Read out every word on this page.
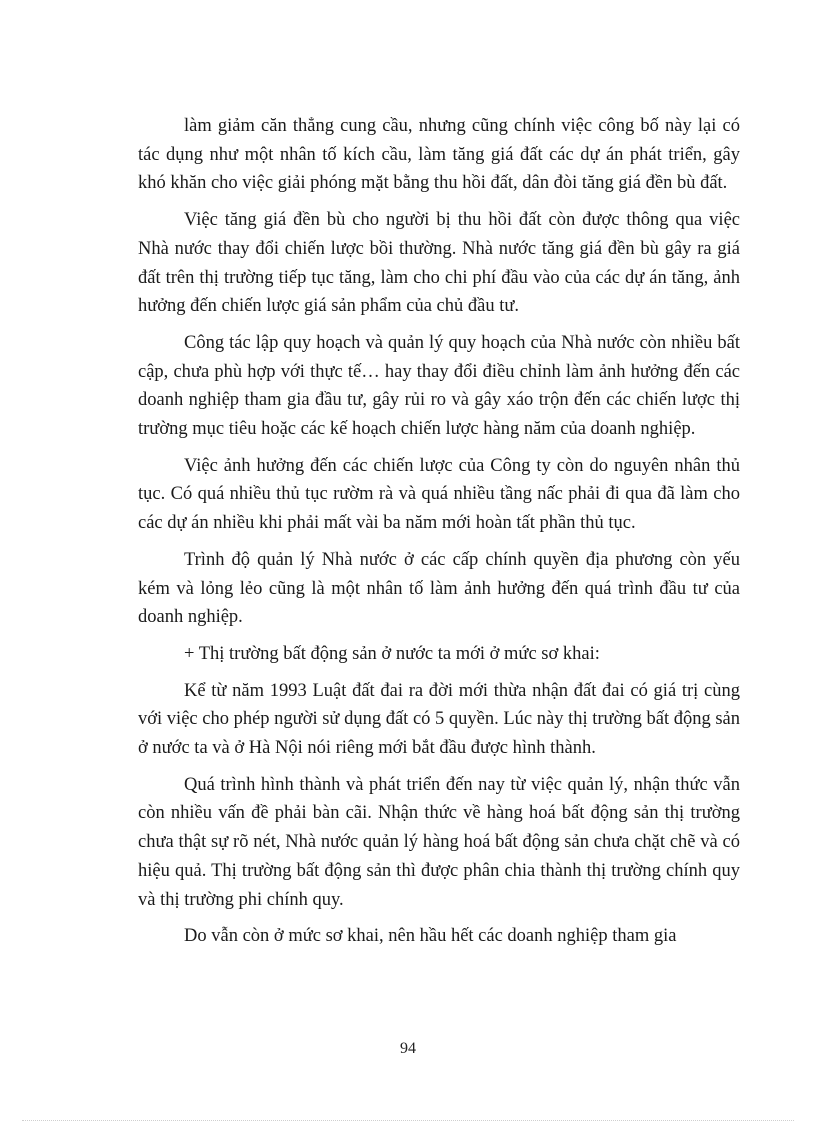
làm giảm căn thẳng cung cầu, nhưng cũng chính việc công bố này lại có tác dụng như một nhân tố kích cầu, làm tăng giá đất các dự án phát triển, gây khó khăn cho việc giải phóng mặt bằng thu hồi đất, dân đòi tăng giá đền bù đất.

Việc tăng giá đền bù cho người bị thu hồi đất còn được thông qua việc Nhà nước thay đổi chiến lược bồi thường. Nhà nước tăng giá đền bù gây ra giá đất trên thị trường tiếp tục tăng, làm cho chi phí đầu vào của các dự án tăng, ảnh hưởng đến chiến lược giá sản phẩm của chủ đầu tư.

Công tác lập quy hoạch và quản lý quy hoạch của Nhà nước còn nhiều bất cập, chưa phù hợp với thực tế… hay thay đổi điều chỉnh làm ảnh hưởng đến các doanh nghiệp tham gia đầu tư, gây rủi ro và gây xáo trộn đến các chiến lược thị trường mục tiêu hoặc các kế hoạch chiến lược hàng năm của doanh nghiệp.

Việc ảnh hưởng đến các chiến lược của Công ty còn do nguyên nhân thủ tục. Có quá nhiều thủ tục rườm rà và quá nhiều tầng nấc phải đi qua đã làm cho các dự án nhiều khi phải mất vài ba năm mới hoàn tất phần thủ tục.

Trình độ quản lý Nhà nước ở các cấp chính quyền địa phương còn yếu kém và lỏng lẻo cũng là một nhân tố làm ảnh hưởng đến quá trình đầu tư của doanh nghiệp.

+ Thị trường bất động sản ở nước ta mới ở mức sơ khai:

Kể từ năm 1993 Luật đất đai ra đời mới thừa nhận đất đai có giá trị cùng với việc cho phép người sử dụng đất có 5 quyền. Lúc này thị trường bất động sản ở nước ta và ở Hà Nội nói riêng mới bắt đầu được hình thành.

Quá trình hình thành và phát triển đến nay từ việc quản lý, nhận thức vẫn còn nhiều vấn đề phải bàn cãi. Nhận thức về hàng hoá bất động sản thị trường chưa thật sự rõ nét, Nhà nước quản lý hàng hoá bất động sản chưa chặt chẽ và có hiệu quả. Thị trường bất động sản thì được phân chia thành thị trường chính quy và thị trường phi chính quy.

Do vẫn còn ở mức sơ khai, nên hầu hết các doanh nghiệp tham gia

94
